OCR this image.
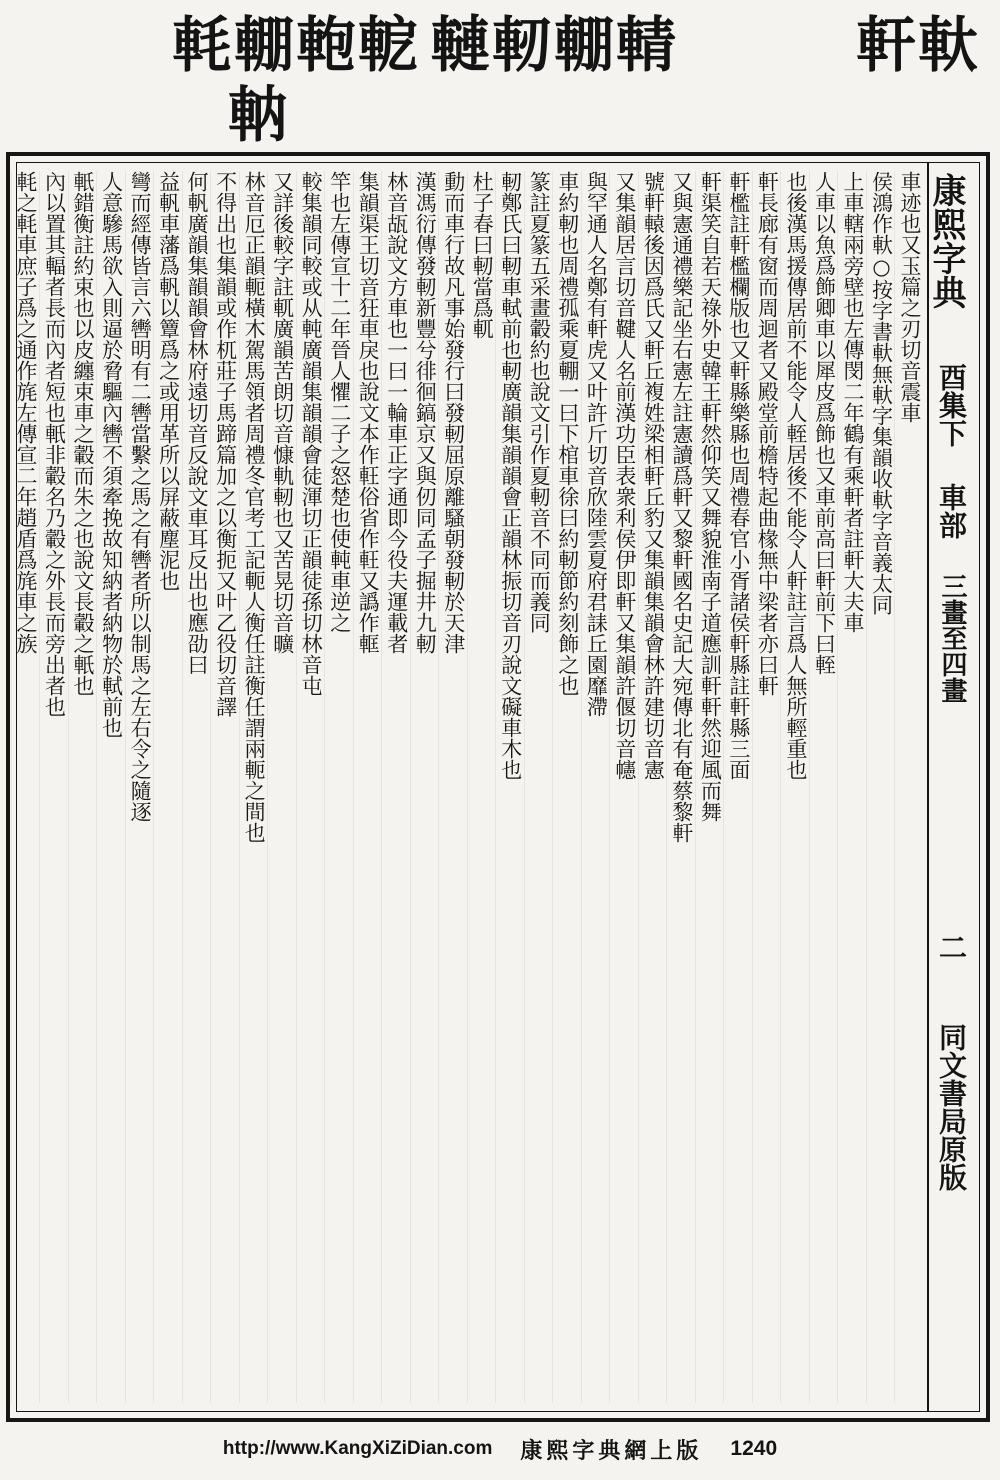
軞輣軳軶
軜
轋軔輣輤	軒軑
康熙字典
酉集下
車部
三畫至四畫
二
同文書局原版
車迹也又玉篇之刃切音震車
侯鴻作軑○按字書軑無軑字集韻收軑字音義太同
上車轄兩旁壁也左傳閔二年鶴有乘軒者註軒大夫車
人車以魚爲飾卿車以犀皮爲飾也又車前高曰軒前下曰輊
也後漢馬援傳居前不能令人輊居後不能令人軒註言爲人無所輕重也
軒長廊有窗而周迴者又殿堂前檐特起曲椽無中梁者亦曰軒
軒檻註軒檻欄版也又軒縣樂縣也周禮春官小胥諸侯軒縣註軒縣三面
軒渠笑自若天祿外史韓王軒然仰笑又舞貌淮南子道應訓軒軒然迎風而舞
又與憲通禮樂記坐右憲左註憲讀爲軒又黎軒國名史記大宛傳北有奄蔡黎軒
號軒轅後因爲氏又軒丘複姓梁相軒丘豹又集韻集韻會林許建切音憲
又集韻居言切音鞬人名前漢功臣表衆利侯伊即軒又集韻許偃切音幰
與罕通人名鄭有軒虎又叶許斤切音欣陸雲夏府君誄丘園靡滯
車約軔也周禮孤乘夏輣一曰下棺車徐曰約軔節約刻飾之也
篆註夏篆五采畫轂約也說文引作夏軔音不同而義同
軔鄭氏曰軔車軾前也軔廣韻集韻韻會正韻林振切音刃說文礙車木也
杜子春曰軔當爲軏
動而車行故凡事始發行曰發軔屈原離騷朝發軔於天津
漢馮衍傳發軔新豐兮徘徊鎬京又與仞同孟子掘井九軔
林音瓳說文方車也一曰一輪車正字通即今役夫運載者
集韻渠王切音狂車戾也說文本作軖俗省作軖又譌作軭
竿也左傳宣十二年晉人懼二子之怒楚也使軘車逆之
較集韻同較或从軘廣韻集韻韻會徒渾切正韻徒孫切林音屯
又詳後較字註軏廣韻苦朗切音慷軌軔也又苦晃切音曠
林音厄正韻軛橫木駕馬領者周禮冬官考工記軛人衡任註衡任謂兩軛之間也
不得出也集韻或作杌莊子馬蹄篇加之以衡扼又叶乙役切音譯
何軓廣韻集韻韻會林府遠切音反說文車耳反出也應劭曰
益軓車藩爲軓以簟爲之或用革所以屏蔽塵泥也
彎而經傳皆言六轡明有二轡當繫之馬之有轡者所以制馬之左右令之隨逐
人意驂馬欲入則逼於脅驅內轡不須牽挽故知納者納物於軾前也
軝錯衡註約束也以皮纏束車之轂而朱之也說文長轂之軝也
內以置其輻者長而內者短也軝非轂名乃轂之外長而旁出者也
軞之軞車庶子爲之通作旄左傳宣二年趙盾爲旄車之族
http://www.KangXiZiDian.com 康熙字典網上版 1240
